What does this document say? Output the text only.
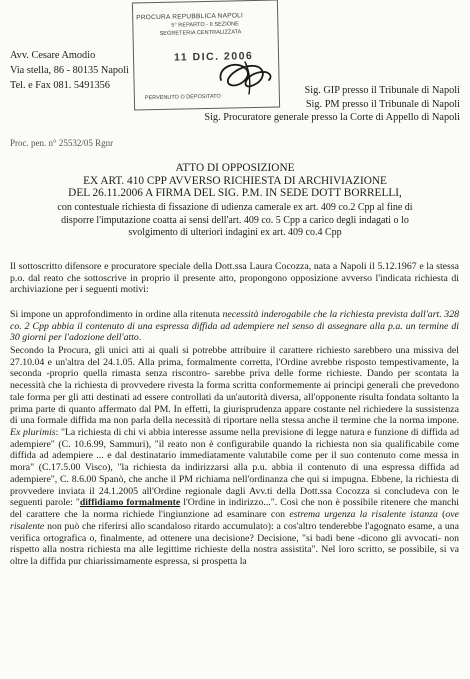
Avv. Cesare Amodio
Via stella, 86 - 80135 Napoli
Tel. e Fax 081. 5491356
PROCURA REPUBBLICA NAPOLI
5° REPARTO - II SEZIONE
SEGRETERIA CENTRALIZZATA
11 DIC. 2006
PERVENUTO O DEPOSITATO
Sig. GIP presso il Tribunale di Napoli
Sig. PM presso il Tribunale di Napoli
Sig. Procuratore generale presso la Corte di Appello di Napoli
Proc. pen. n° 25532/05 Rgnr
ATTO DI OPPOSIZIONE
EX ART. 410 CPP AVVERSO RICHIESTA DI ARCHIVIAZIONE
DEL 26.11.2006 A FIRMA DEL SIG. P.M. IN SEDE DOTT BORRELLI,
con contestuale richiesta di fissazione di udienza camerale ex art. 409 co.2 Cpp al fine di
disporre l'imputazione coatta ai sensi dell'art. 409 co. 5 Cpp a carico degli indagati o lo
svolgimento di ulteriori indagini ex art. 409 co.4 Cpp

Il sottoscritto difensore e procuratore speciale della Dott.ssa Laura Cocozza, nata a Napoli il 5.12.1967 e la stessa p.o. dal reato che sottoscrive in proprio il presente atto, propongono opposizione avverso l'indicata richiesta di archiviazione per i seguenti motivi:

Si impone un approfondimento in ordine alla ritenuta necessità inderogabile che la richiesta prevista dall'art. 328 co. 2 Cpp abbia il contenuto di una espressa diffida ad adempiere nel senso di assegnare alla p.a. un termine di 30 giorni per l'adozione dell'atto.

Secondo la Procura, gli unici atti ai quali si potrebbe attribuire il carattere richiesto sarebbero una missiva del 27.10.04 e un'altra del 24.1.05. Alla prima, formalmente corretta, l'Ordine avrebbe risposto tempestivamente, la seconda -proprio quella rimasta senza riscontro- sarebbe priva delle forme richieste. Dando per scontata la necessità che la richiesta di provvedere rivesta la forma scritta conformemente ai principi generali che prevedono tale forma per gli atti destinati ad essere controllati da un'autorità diversa, all'opponente risulta fondata soltanto la prima parte di quanto affermato dal PM. In effetti, la giurisprudenza appare costante nel richiedere la sussistenza di una formale diffida ma non parla della necessità di riportare nella stessa anche il termine che la norma impone. Ex plurimis: "La richiesta di chi vi abbia interesse assume nella previsione di legge natura e funzione di diffida ad adempiere" (C. 10.6.99, Sammuri), "il reato non è configurabile quando la richiesta non sia qualificabile come diffida ad adempiere ... e dal destinatario immediatamente valutabile come per il suo contenuto come messa in mora" (C.17.5.00 Visco), "la richiesta da indirizzarsi alla p.u. abbia il contenuto di una espressa diffida ad adempiere", C. 8.6.00 Spanò, che anche il PM richiama nell'ordinanza che qui si impugna. Ebbene, la richiesta di provvedere inviata il 24.1.2005 all'Ordine regionale dagli Avv.ti della Dott.ssa Cocozza si concludeva con le seguenti parole: "diffidiamo formalmente l'Ordine in indirizzo...". Così che non è possibile ritenere che manchi del carattere che la norma richiede l'ingiunzione ad esaminare con estrema urgenza la risalente istanza (ove risalente non può che riferirsi allo scandaloso ritardo accumulato): a cos'altro tenderebbe l'agognato esame, a una verifica ortografica o, finalmente, ad ottenere una decisione? Decisione, "si badi bene -dicono gli avvocati- non rispetto alla nostra richiesta ma alle legittime richieste della nostra assistita". Nel loro scritto, se possibile, si va oltre la diffida pur chiarissimamente espressa, si prospetta la
